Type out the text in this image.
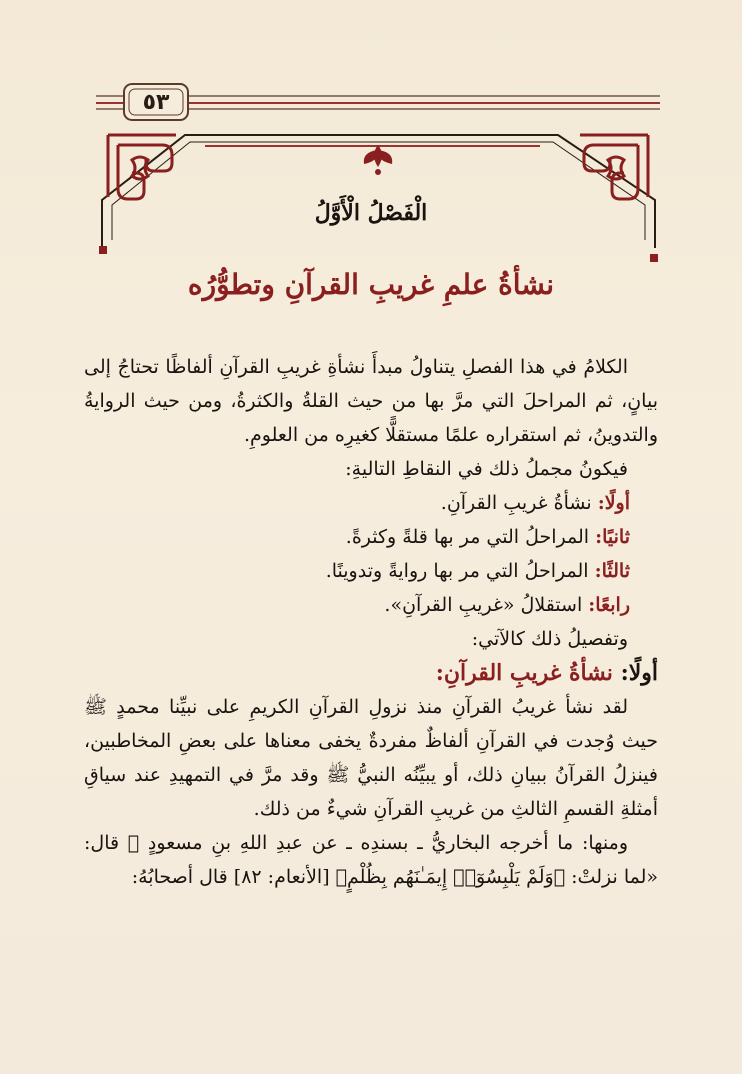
٥٣
الْفَصْلُ الْأَوَّلُ
نشأةُ علمِ غريبِ القرآنِ وتطوُّرُه

الكلامُ في هذا الفصلِ يتناولُ مبدأَ نشأةِ غريبِ القرآنِ ألفاظًا تحتاجُ إلى بيانٍ، ثم المراحلَ التي مرَّ بها من حيث القلةُ والكثرةُ، ومن حيث الروايةُ والتدوينُ، ثم استقراره علمًا مستقلًّا كغيرِه من العلومِ.

فيكونُ مجملُ ذلك في النقاطِ التاليةِ:

أولًا: نشأةُ غريبِ القرآنِ.

ثانيًا: المراحلُ التي مر بها قلةً وكثرةً.

ثالثًا: المراحلُ التي مر بها روايةً وتدوينًا.

رابعًا: استقلالُ «غريبِ القرآنِ».

وتفصيلُ ذلك كالآتي:

أولًا: نشأةُ غريبِ القرآنِ:

لقد نشأ غريبُ القرآنِ منذ نزولِ القرآنِ الكريمِ على نبيِّنا محمدٍ ﷺ حيث وُجدت في القرآنِ ألفاظٌ مفردةٌ يخفى معناها على بعضِ المخاطبين، فينزلُ القرآنُ ببيانِ ذلك، أو يبيِّنُه النبيُّ ﷺ وقد مرَّ في التمهيدِ عند سياقِ أمثلةِ القسمِ الثالثِ من غريبِ القرآنِ شيءٌ من ذلك.

ومنها: ما أخرجه البخاريُّ ـ بسندِه ـ عن عبدِ اللهِ بنِ مسعودٍ ﷺ قال: «لما نزلتْ: ﴿وَلَمْ يَلْبِسُوٓا۟ إِيمَـٰنَهُم بِظُلْمٍ﴾ [الأنعام: ٨٢] قال أصحابُهُ:
